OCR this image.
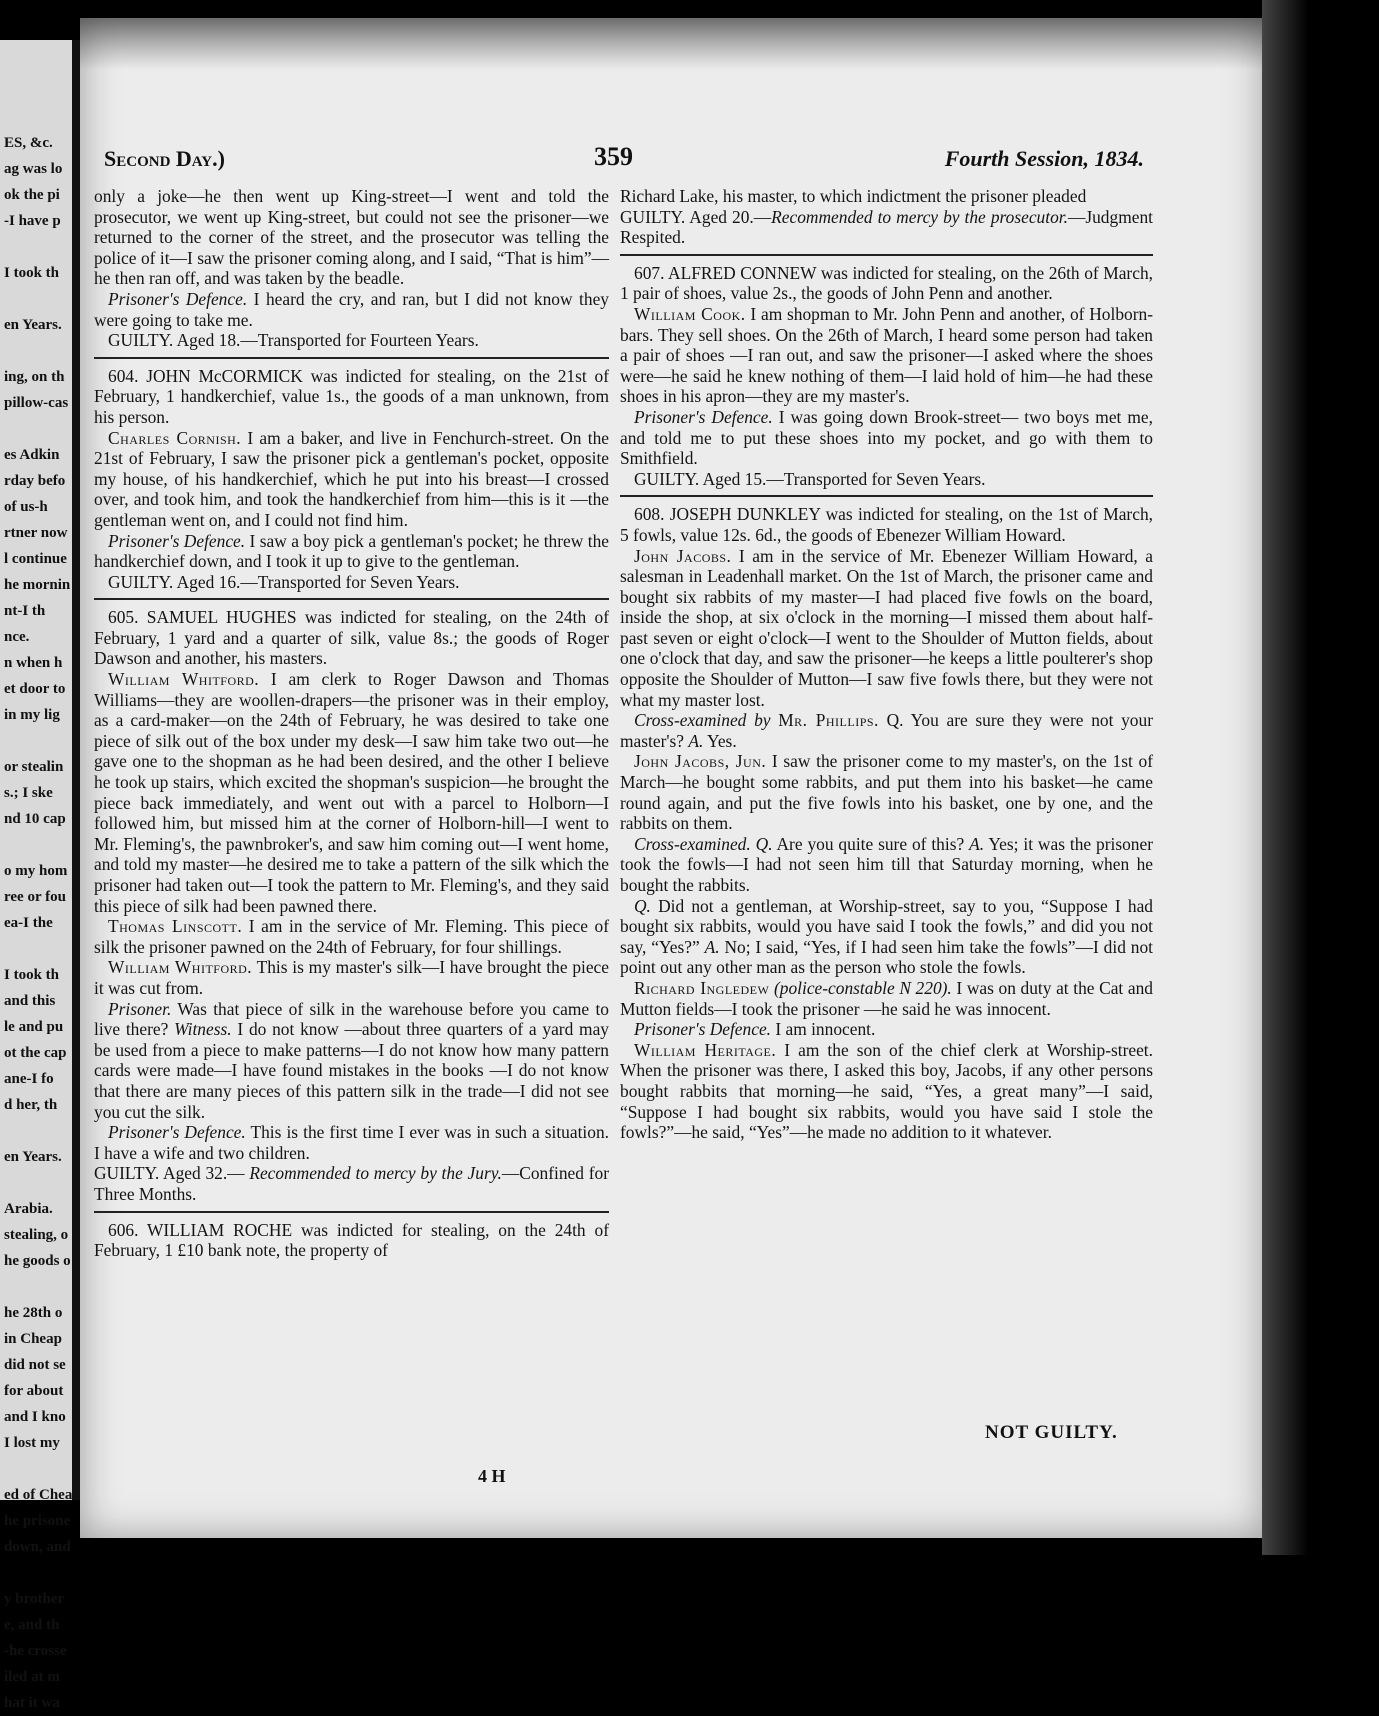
ES, &c.
ag was lo
ok the pi
-I have p

I took th

en Years.

ing, on th
pillow-cas

es Adkin
rday befo
of us-h
rtner now
l continue
he mornin
nt-I th
nce.
n when h
et door to
in my lig

or stealin
s.; I ske
nd 10 cap

o my hom
ree or fou
ea-I the

I took th
and this
le and pu
ot the cap
ane-I fo
d her, th

en Years.

Arabia.
stealing, o
he goods o

he 28th o
in Cheap
did not se
for about
and I kno
I lost my

ed of Chea
he prisone
down, and

y brother
e, and th
-he crosse
iled at m
hat it wa
Second Day.)	359	Fourth Session, 1834.

only a joke—he then went up King-street—I went and told the prosecutor, we went up King-street, but could not see the prisoner—we returned to the corner of the street, and the prosecutor was telling the police of it—I saw the prisoner coming along, and I said, “That is him”—he then ran off, and was taken by the beadle.

Prisoner's Defence. I heard the cry, and ran, but I did not know they were going to take me.

GUILTY. Aged 18.—Transported for Fourteen Years.

604. JOHN McCORMICK was indicted for stealing, on the 21st of February, 1 handkerchief, value 1s., the goods of a man unknown, from his person.

Charles Cornish. I am a baker, and live in Fenchurch-street. On the 21st of February, I saw the prisoner pick a gentleman's pocket, opposite my house, of his handkerchief, which he put into his breast—I crossed over, and took him, and took the handkerchief from him—this is it —the gentleman went on, and I could not find him.

Prisoner's Defence. I saw a boy pick a gentleman's pocket; he threw the handkerchief down, and I took it up to give to the gentleman.

GUILTY. Aged 16.—Transported for Seven Years.

605. SAMUEL HUGHES was indicted for stealing, on the 24th of February, 1 yard and a quarter of silk, value 8s.; the goods of Roger Dawson and another, his masters.

William Whitford. I am clerk to Roger Dawson and Thomas Williams—they are woollen-drapers—the prisoner was in their employ, as a card-maker—on the 24th of February, he was desired to take one piece of silk out of the box under my desk—I saw him take two out—he gave one to the shopman as he had been desired, and the other I believe he took up stairs, which excited the shopman's suspicion—he brought the piece back immediately, and went out with a parcel to Holborn—I followed him, but missed him at the corner of Holborn-hill—I went to Mr. Fleming's, the pawnbroker's, and saw him coming out—I went home, and told my master—he desired me to take a pattern of the silk which the prisoner had taken out—I took the pattern to Mr. Fleming's, and they said this piece of silk had been pawned there.

Thomas Linscott. I am in the service of Mr. Fleming. This piece of silk the prisoner pawned on the 24th of February, for four shillings.

William Whitford. This is my master's silk—I have brought the piece it was cut from.

Prisoner. Was that piece of silk in the warehouse before you came to live there? Witness. I do not know —about three quarters of a yard may be used from a piece to make patterns—I do not know how many pattern cards were made—I have found mistakes in the books —I do not know that there are many pieces of this pattern silk in the trade—I did not see you cut the silk.

Prisoner's Defence. This is the first time I ever was in such a situation. I have a wife and two children.

GUILTY. Aged 32.— Recommended to mercy by the Jury.—Confined for Three Months.

606. WILLIAM ROCHE was indicted for stealing, on the 24th of February, 1 £10 bank note, the property of

Richard Lake, his master, to which indictment the prisoner pleaded

GUILTY. Aged 20.—Recommended to mercy by the prosecutor.—Judgment Respited.

607. ALFRED CONNEW was indicted for stealing, on the 26th of March, 1 pair of shoes, value 2s., the goods of John Penn and another.

William Cook. I am shopman to Mr. John Penn and another, of Holborn-bars. They sell shoes. On the 26th of March, I heard some person had taken a pair of shoes —I ran out, and saw the prisoner—I asked where the shoes were—he said he knew nothing of them—I laid hold of him—he had these shoes in his apron—they are my master's.

Prisoner's Defence. I was going down Brook-street— two boys met me, and told me to put these shoes into my pocket, and go with them to Smithfield.

GUILTY. Aged 15.—Transported for Seven Years.

608. JOSEPH DUNKLEY was indicted for stealing, on the 1st of March, 5 fowls, value 12s. 6d., the goods of Ebenezer William Howard.

John Jacobs. I am in the service of Mr. Ebenezer William Howard, a salesman in Leadenhall market. On the 1st of March, the prisoner came and bought six rabbits of my master—I had placed five fowls on the board, inside the shop, at six o'clock in the morning—I missed them about half-past seven or eight o'clock—I went to the Shoulder of Mutton fields, about one o'clock that day, and saw the prisoner—he keeps a little poulterer's shop opposite the Shoulder of Mutton—I saw five fowls there, but they were not what my master lost.

Cross-examined by Mr. Phillips. Q. You are sure they were not your master's? A. Yes.

John Jacobs, Jun. I saw the prisoner come to my master's, on the 1st of March—he bought some rabbits, and put them into his basket—he came round again, and put the five fowls into his basket, one by one, and the rabbits on them.

Cross-examined. Q. Are you quite sure of this? A. Yes; it was the prisoner took the fowls—I had not seen him till that Saturday morning, when he bought the rabbits.

Q. Did not a gentleman, at Worship-street, say to you, “Suppose I had bought six rabbits, would you have said I took the fowls,” and did you not say, “Yes?” A. No; I said, “Yes, if I had seen him take the fowls”—I did not point out any other man as the person who stole the fowls.

Richard Ingledew (police-constable N 220). I was on duty at the Cat and Mutton fields—I took the prisoner —he said he was innocent.

Prisoner's Defence. I am innocent.

William Heritage. I am the son of the chief clerk at Worship-street. When the prisoner was there, I asked this boy, Jacobs, if any other persons bought rabbits that morning—he said, “Yes, a great many”—I said, “Suppose I had bought six rabbits, would you have said I stole the fowls?”—he said, “Yes”—he made no addition to it whatever.

NOT GUILTY.
4 H
